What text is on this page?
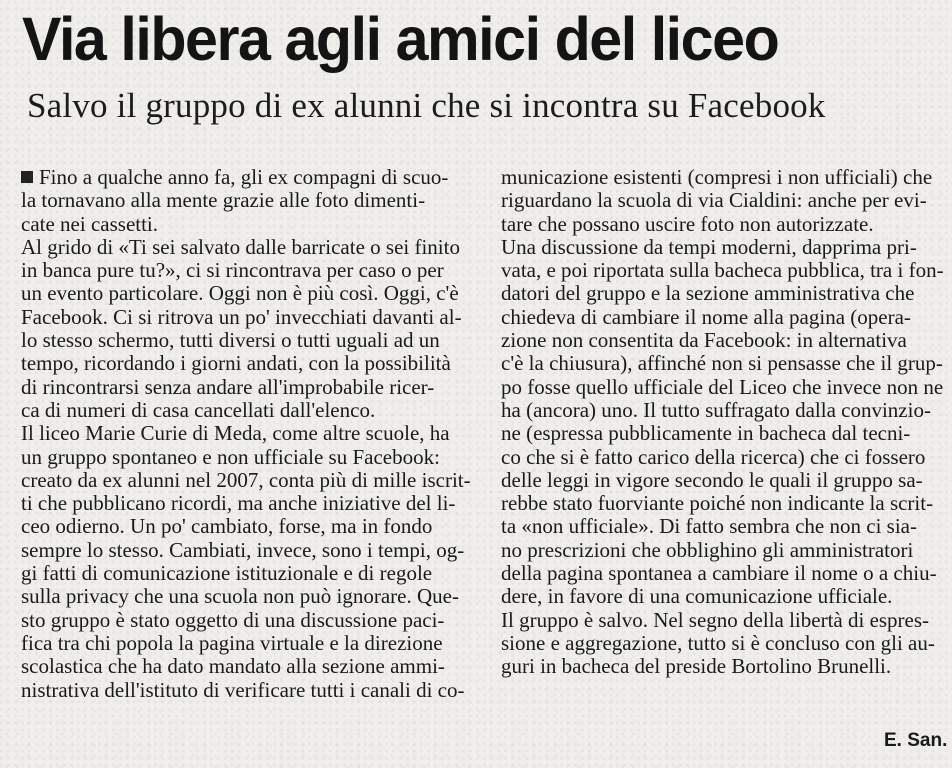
Via libera agli amici del liceo
Salvo il gruppo di ex alunni che si incontra su Facebook
Fino a qualche anno fa, gli ex compagni di scuo-
la tornavano alla mente grazie alle foto dimenti-
cate nei cassetti.
Al grido di «Ti sei salvato dalle barricate o sei finito
in banca pure tu?», ci si rincontrava per caso o per
un evento particolare. Oggi non è più così. Oggi, c'è
Facebook. Ci si ritrova un po' invecchiati davanti al-
lo stesso schermo, tutti diversi o tutti uguali ad un
tempo, ricordando i giorni andati, con la possibilità
di rincontrarsi senza andare all'improbabile ricer-
ca di numeri di casa cancellati dall'elenco.
Il liceo Marie Curie di Meda, come altre scuole, ha
un gruppo spontaneo e non ufficiale su Facebook:
creato da ex alunni nel 2007, conta più di mille iscrit-
ti che pubblicano ricordi, ma anche iniziative del li-
ceo odierno. Un po' cambiato, forse, ma in fondo
sempre lo stesso. Cambiati, invece, sono i tempi, og-
gi fatti di comunicazione istituzionale e di regole
sulla privacy che una scuola non può ignorare. Que-
sto gruppo è stato oggetto di una discussione paci-
fica tra chi popola la pagina virtuale e la direzione
scolastica che ha dato mandato alla sezione ammi-
nistrativa dell'istituto di verificare tutti i canali di co-
municazione esistenti (compresi i non ufficiali) che
riguardano la scuola di via Cialdini: anche per evi-
tare che possano uscire foto non autorizzate.
Una discussione da tempi moderni, dapprima pri-
vata, e poi riportata sulla bacheca pubblica, tra i fon-
datori del gruppo e la sezione amministrativa che
chiedeva di cambiare il nome alla pagina (opera-
zione non consentita da Facebook: in alternativa
c'è la chiusura), affinché non si pensasse che il grup-
po fosse quello ufficiale del Liceo che invece non ne
ha (ancora) uno. Il tutto suffragato dalla convinzio-
ne (espressa pubblicamente in bacheca dal tecni-
co che si è fatto carico della ricerca) che ci fossero
delle leggi in vigore secondo le quali il gruppo sa-
rebbe stato fuorviante poiché non indicante la scrit-
ta «non ufficiale». Di fatto sembra che non ci sia-
no prescrizioni che obblighino gli amministratori
della pagina spontanea a cambiare il nome o a chiu-
dere, in favore di una comunicazione ufficiale.
Il gruppo è salvo. Nel segno della libertà di espres-
sione e aggregazione, tutto si è concluso con gli au-
guri in bacheca del preside Bortolino Brunelli.
E. San.
